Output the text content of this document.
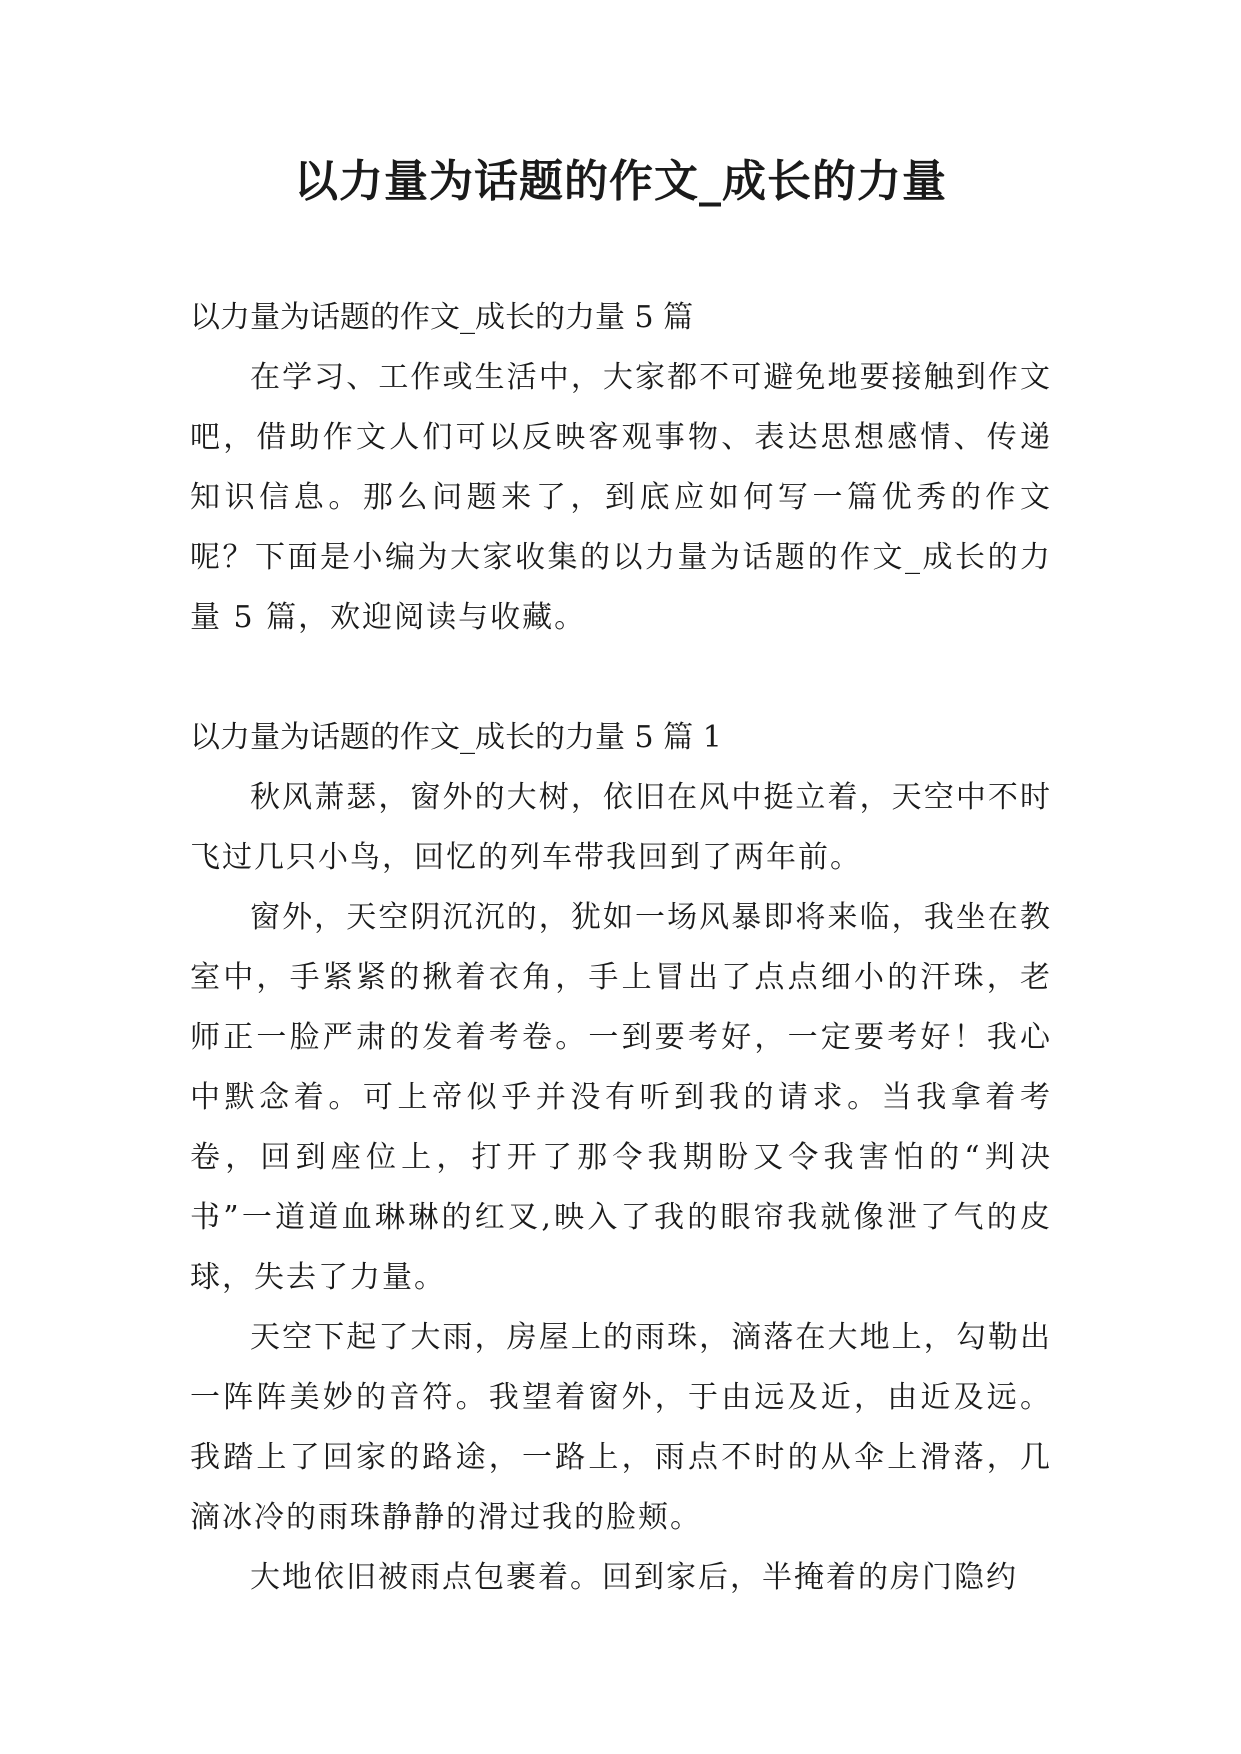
以力量为话题的作文_成长的力量

以力量为话题的作文_成长的力量 5 篇

在学习、工作或生活中，大家都不可避免地要接触到作文吧，借助作文人们可以反映客观事物、表达思想感情、传递知识信息。那么问题来了，到底应如何写一篇优秀的作文呢？下面是小编为大家收集的以力量为话题的作文_成长的力量 5 篇，欢迎阅读与收藏。

以力量为话题的作文_成长的力量 5 篇 1

秋风萧瑟，窗外的大树，依旧在风中挺立着，天空中不时飞过几只小鸟，回忆的列车带我回到了两年前。

窗外，天空阴沉沉的，犹如一场风暴即将来临，我坐在教室中，手紧紧的揪着衣角，手上冒出了点点细小的汗珠，老师正一脸严肃的发着考卷。一到要考好，一定要考好！我心中默念着。可上帝似乎并没有听到我的请求。当我拿着考卷，回到座位上，打开了那令我期盼又令我害怕的“判决书”一道道血琳琳的红叉,映入了我的眼帘我就像泄了气的皮球，失去了力量。

天空下起了大雨，房屋上的雨珠，滴落在大地上，勾勒出一阵阵美妙的音符。我望着窗外，于由远及近，由近及远。我踏上了回家的路途，一路上，雨点不时的从伞上滑落，几滴冰冷的雨珠静静的滑过我的脸颊。

大地依旧被雨点包裹着。回到家后，半掩着的房门隐约
